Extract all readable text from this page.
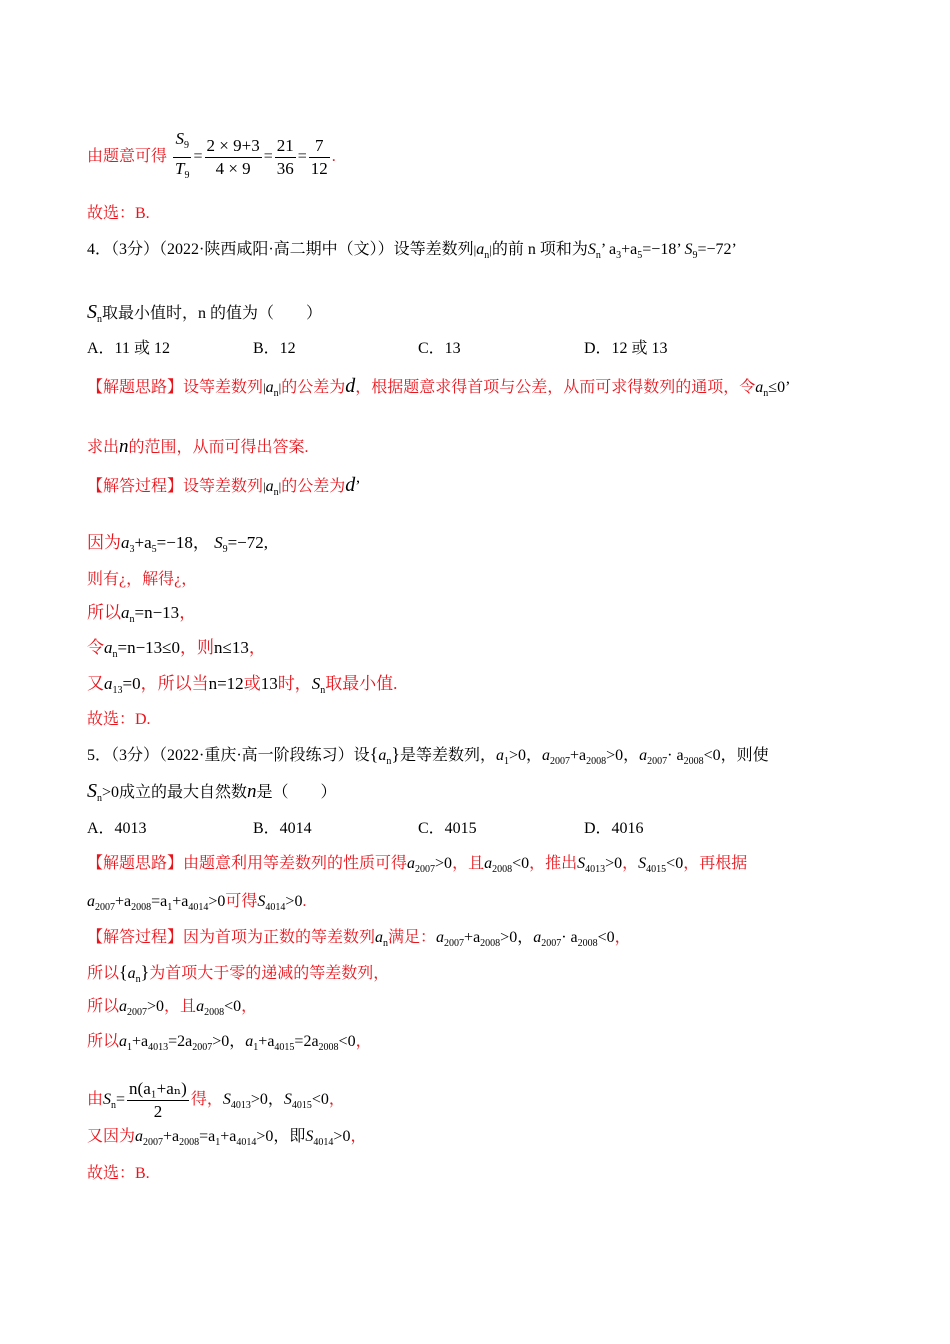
由题意可得 $\frac{S_9}{T_9} = \frac{2 \times 9+3}{4 \times 9} = \frac{21}{36} = \frac{7}{12}$ .
故选：B.
4．（3分）（2022·陕西咸阳·高二期中（文））设等差数列$|a_n|$的前 n 项和为$S_n$’ $a_3+a_5=-18$’ $S_9=-72$’
$S_n$取最小值时，n 的值为（　　）
A．11 或 12	B．12	C．13	D．12 或 13
【解题思路】设等差数列$|a_n|$的公差为d，根据题意求得首项与公差，从而可求得数列的通项，令$a_n\le 0$’
求出n的范围，从而可得出答案.
【解答过程】设等差数列$|a_n|$的公差为d’
因为$a_3+a_5=-18$， $S_9=-72$,
则有¿，解得¿，
所以$a_n=n-13$，
令$a_n=n-13\le 0$，则n≤13，
又$a_{13}=0$，所以当n=12或13时，$S_n$取最小值.
故选：D.
5．（3分）（2022·重庆·高一阶段练习）设$\{a_n\}$是等差数列，$a_1>0$，$a_{2007}+a_{2008}>0$，$a_{2007}\cdot a_{2008}<0$，则使
$S_n>0$成立的最大自然数n是（　　）
A．4013	B．4014	C．4015	D．4016
【解题思路】由题意利用等差数列的性质可得$a_{2007}>0$，且$a_{2008}<0$，推出$S_{4013}>0$，$S_{4015}<0$，再根据
$a_{2007}+a_{2008}=a_1+a_{4014}>0$可得$S_{4014}>0$.
【解答过程】因为首项为正数的等差数列$a_n$满足：$a_{2007}+a_{2008}>0$，$a_{2007}\cdot a_{2008}<0$，
所以$\{a_n\}$为首项大于零的递减的等差数列，
所以$a_{2007}>0$，且$a_{2008}<0$，
所以$a_1+a_{4013}=2a_{2007}>0$，$a_1+a_{4015}=2a_{2008}<0$，
由$S_n= \frac{\text{n(a₁+aₙ)}}{2}$ 得，$S_{4013}>0$，$S_{4015}<0$，
又因为$a_{2007}+a_{2008}=a_1+a_{4014}>0$，即$S_{4014}>0$，
故选：B.
